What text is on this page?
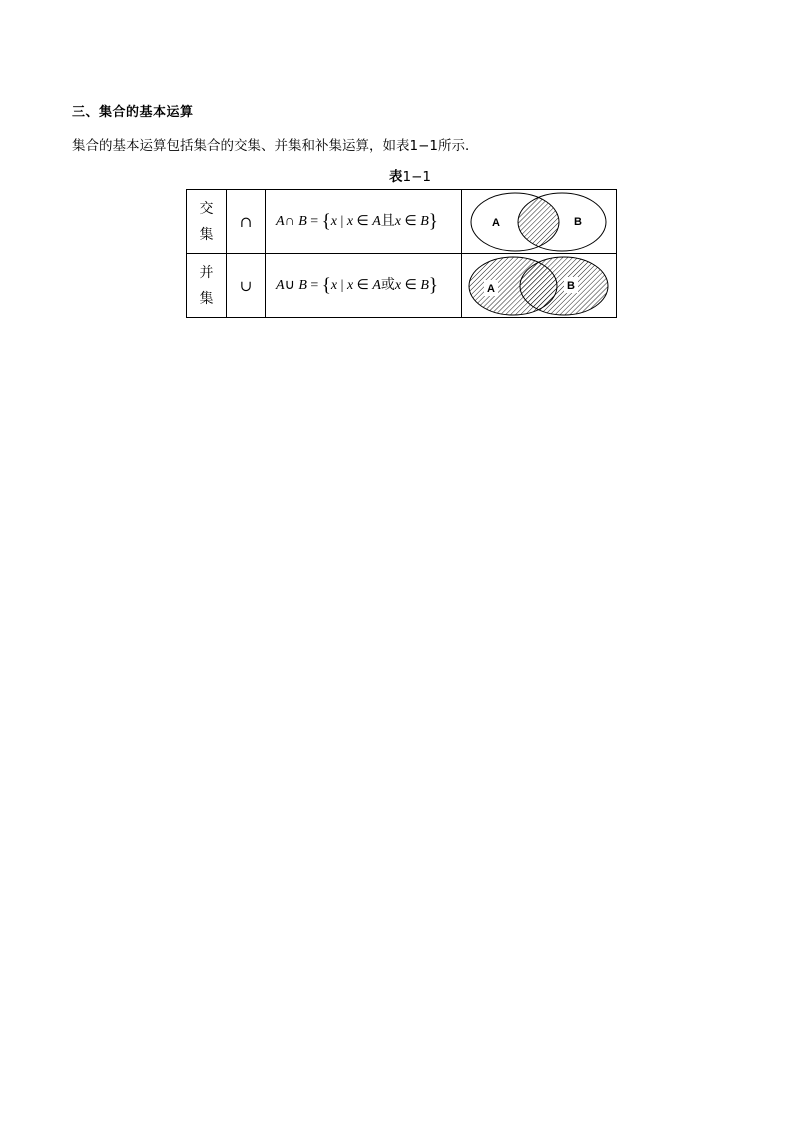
三、集合的基本运算
集合的基本运算包括集合的交集、并集和补集运算，如表1−1所示．
表1−1
交
集	∩	A∩ B = {x | x ∈ A且x ∈ B}	A B

并
集	∪	A∪ B = {x | x ∈ A或x ∈ B}	A B
